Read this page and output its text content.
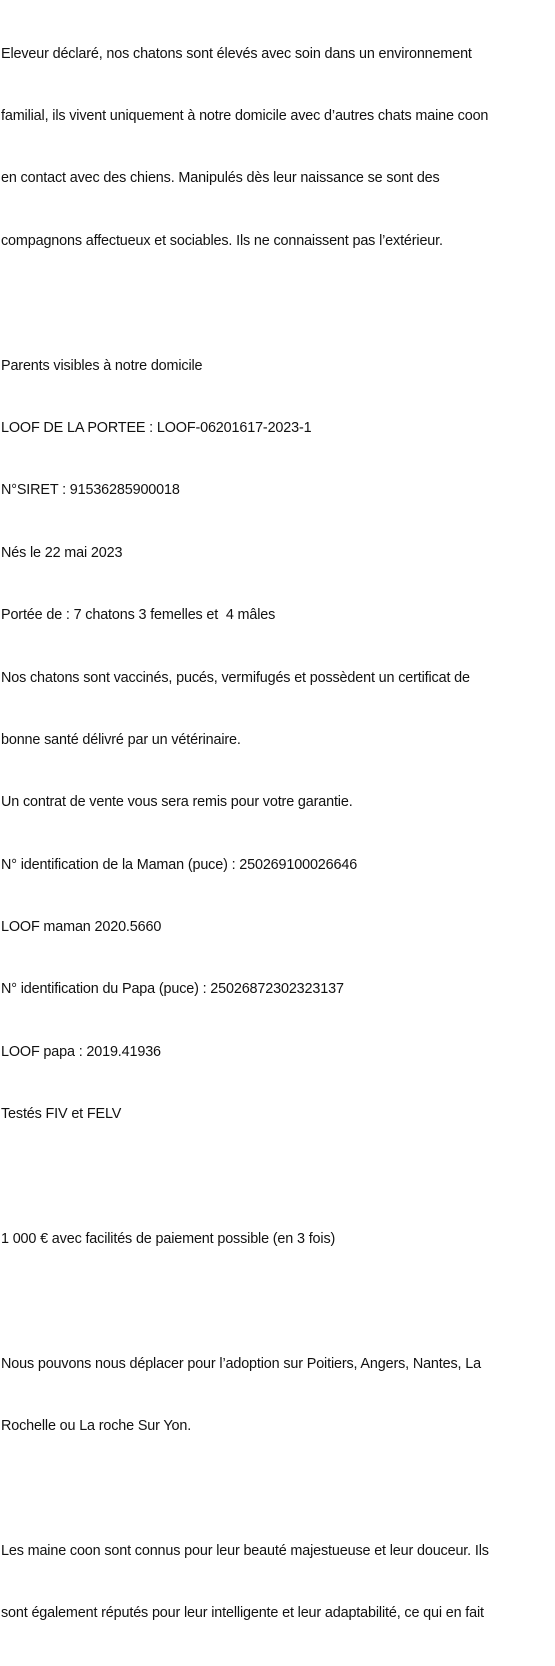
Eleveur déclaré, nos chatons sont élevés avec soin dans un environnement

familial, ils vivent uniquement à notre domicile avec d’autres chats maine coon

en contact avec des chiens. Manipulés dès leur naissance se sont des

compagnons affectueux et sociables. Ils ne connaissent pas l’extérieur.

Parents visibles à notre domicile

LOOF DE LA PORTEE : LOOF-06201617-2023-1

N°SIRET : 91536285900018

Nés le 22 mai 2023

Portée de : 7 chatons 3 femelles et  4 mâles

Nos chatons sont vaccinés, pucés, vermifugés et possèdent un certificat de

bonne santé délivré par un vétérinaire.

Un contrat de vente vous sera remis pour votre garantie.

N° identification de la Maman (puce) : 250269100026646

LOOF maman 2020.5660

N° identification du Papa (puce) : 25026872302323137

LOOF papa : 2019.41936

Testés FIV et FELV

1 000 € avec facilités de paiement possible (en 3 fois)

Nous pouvons nous déplacer pour l’adoption sur Poitiers, Angers, Nantes, La

Rochelle ou La roche Sur Yon.

Les maine coon sont connus pour leur beauté majestueuse et leur douceur. Ils

sont également réputés pour leur intelligente et leur adaptabilité, ce qui en fait
